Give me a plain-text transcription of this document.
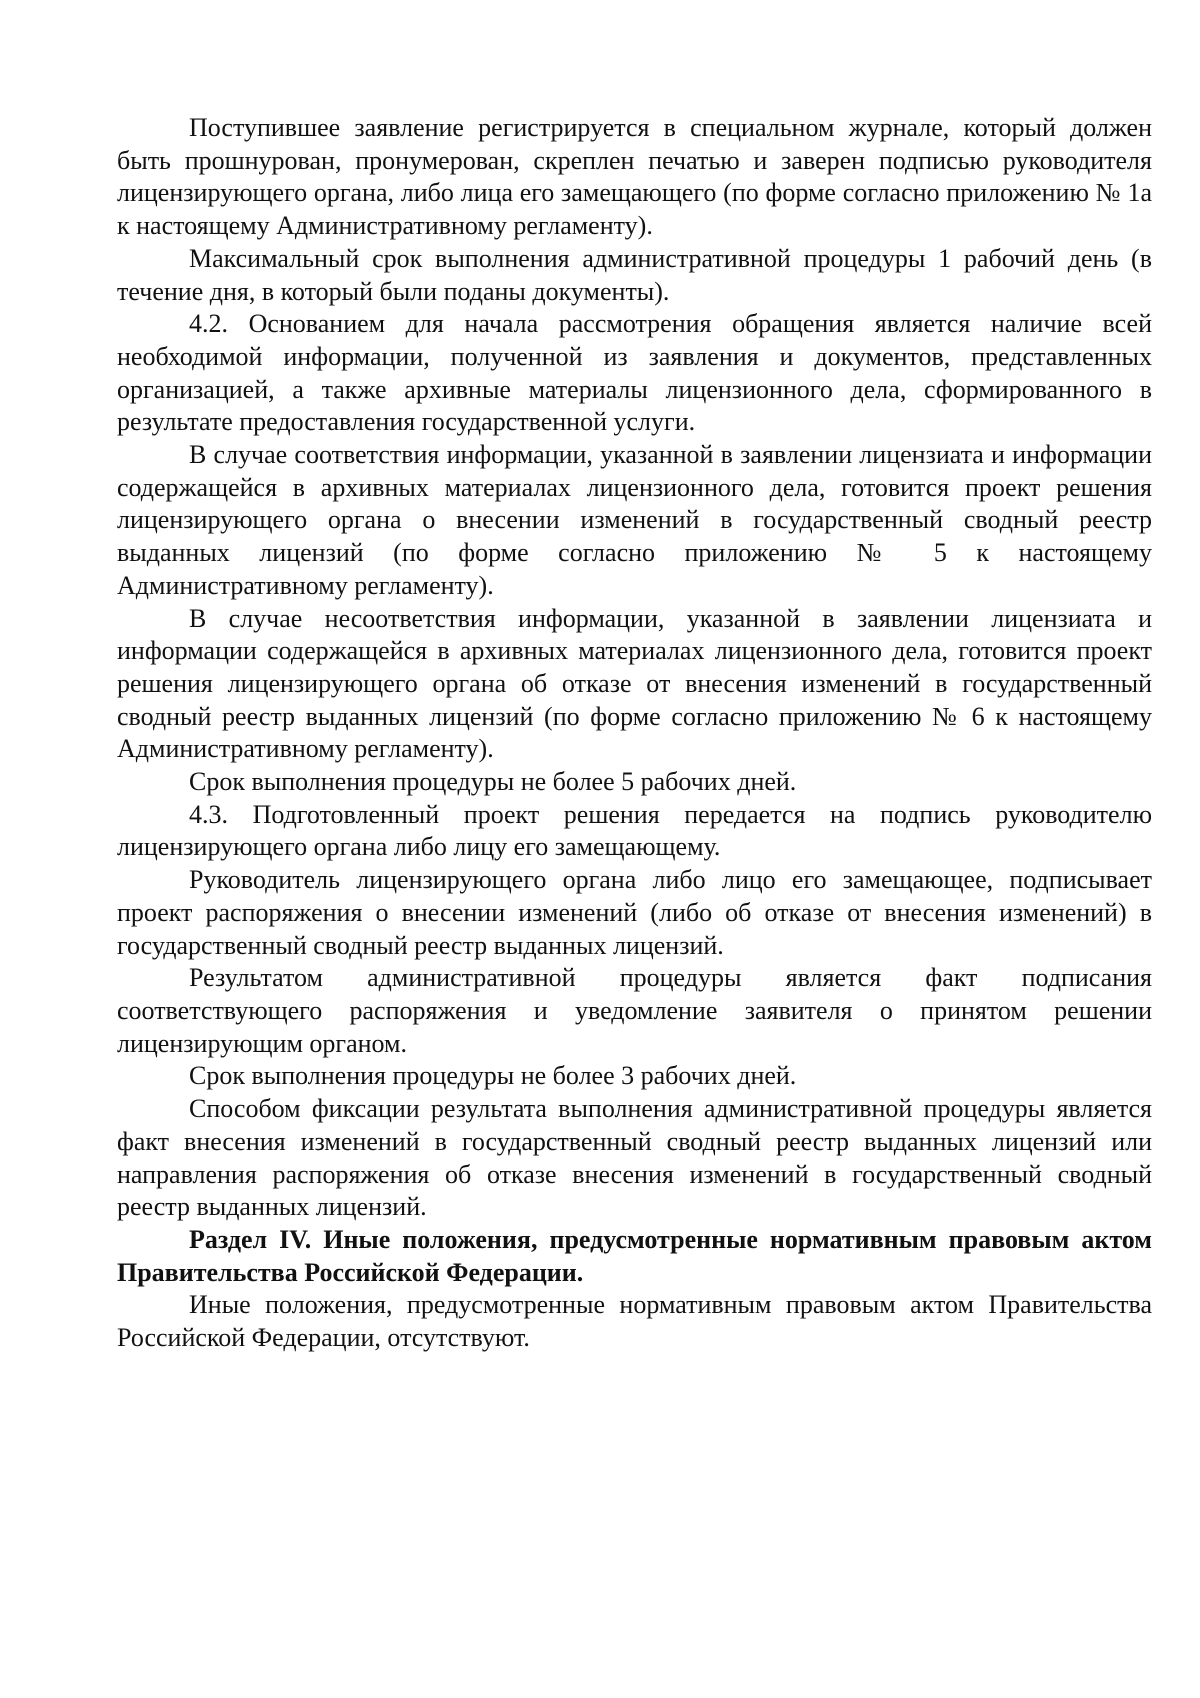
Поступившее заявление регистрируется в специальном журнале, который должен быть прошнурован, пронумерован, скреплен печатью и заверен подписью руководителя лицензирующего органа, либо лица его замещающего (по форме согласно приложению № 1а к настоящему Административному регламенту).

Максимальный срок выполнения административной процедуры 1 рабочий день (в течение дня, в который были поданы документы).

4.2. Основанием для начала рассмотрения обращения является наличие всей необходимой информации, полученной из заявления и документов, представленных организацией, а также архивные материалы лицензионного дела, сформированного в результате предоставления государственной услуги.

В случае соответствия информации, указанной в заявлении лицензиата и информации содержащейся в архивных материалах лицензионного дела, готовится проект решения лицензирующего органа о внесении изменений в государственный сводный реестр выданных лицензий (по форме согласно приложению № 5 к настоящему Административному регламенту).

В случае несоответствия информации, указанной в заявлении лицензиата и информации содержащейся в архивных материалах лицензионного дела, готовится проект решения лицензирующего органа об отказе от внесения изменений в государственный сводный реестр выданных лицензий (по форме согласно приложению № 6 к настоящему Административному регламенту).

Срок выполнения процедуры не более 5 рабочих дней.

4.3. Подготовленный проект решения передается на подпись руководителю лицензирующего органа либо лицу его замещающему.

Руководитель лицензирующего органа либо лицо его замещающее, подписывает проект распоряжения о внесении изменений (либо об отказе от внесения изменений) в государственный сводный реестр выданных лицензий.

Результатом административной процедуры является факт подписания соответствующего распоряжения и уведомление заявителя о принятом решении лицензирующим органом.

Срок выполнения процедуры не более 3 рабочих дней.

Способом фиксации результата выполнения административной процедуры является факт внесения изменений в государственный сводный реестр выданных лицензий или направления распоряжения об отказе внесения изменений в государственный сводный реестр выданных лицензий.

Раздел IV. Иные положения, предусмотренные нормативным правовым актом Правительства Российской Федерации.

Иные положения, предусмотренные нормативным правовым актом Правительства Российской Федерации, отсутствуют.
